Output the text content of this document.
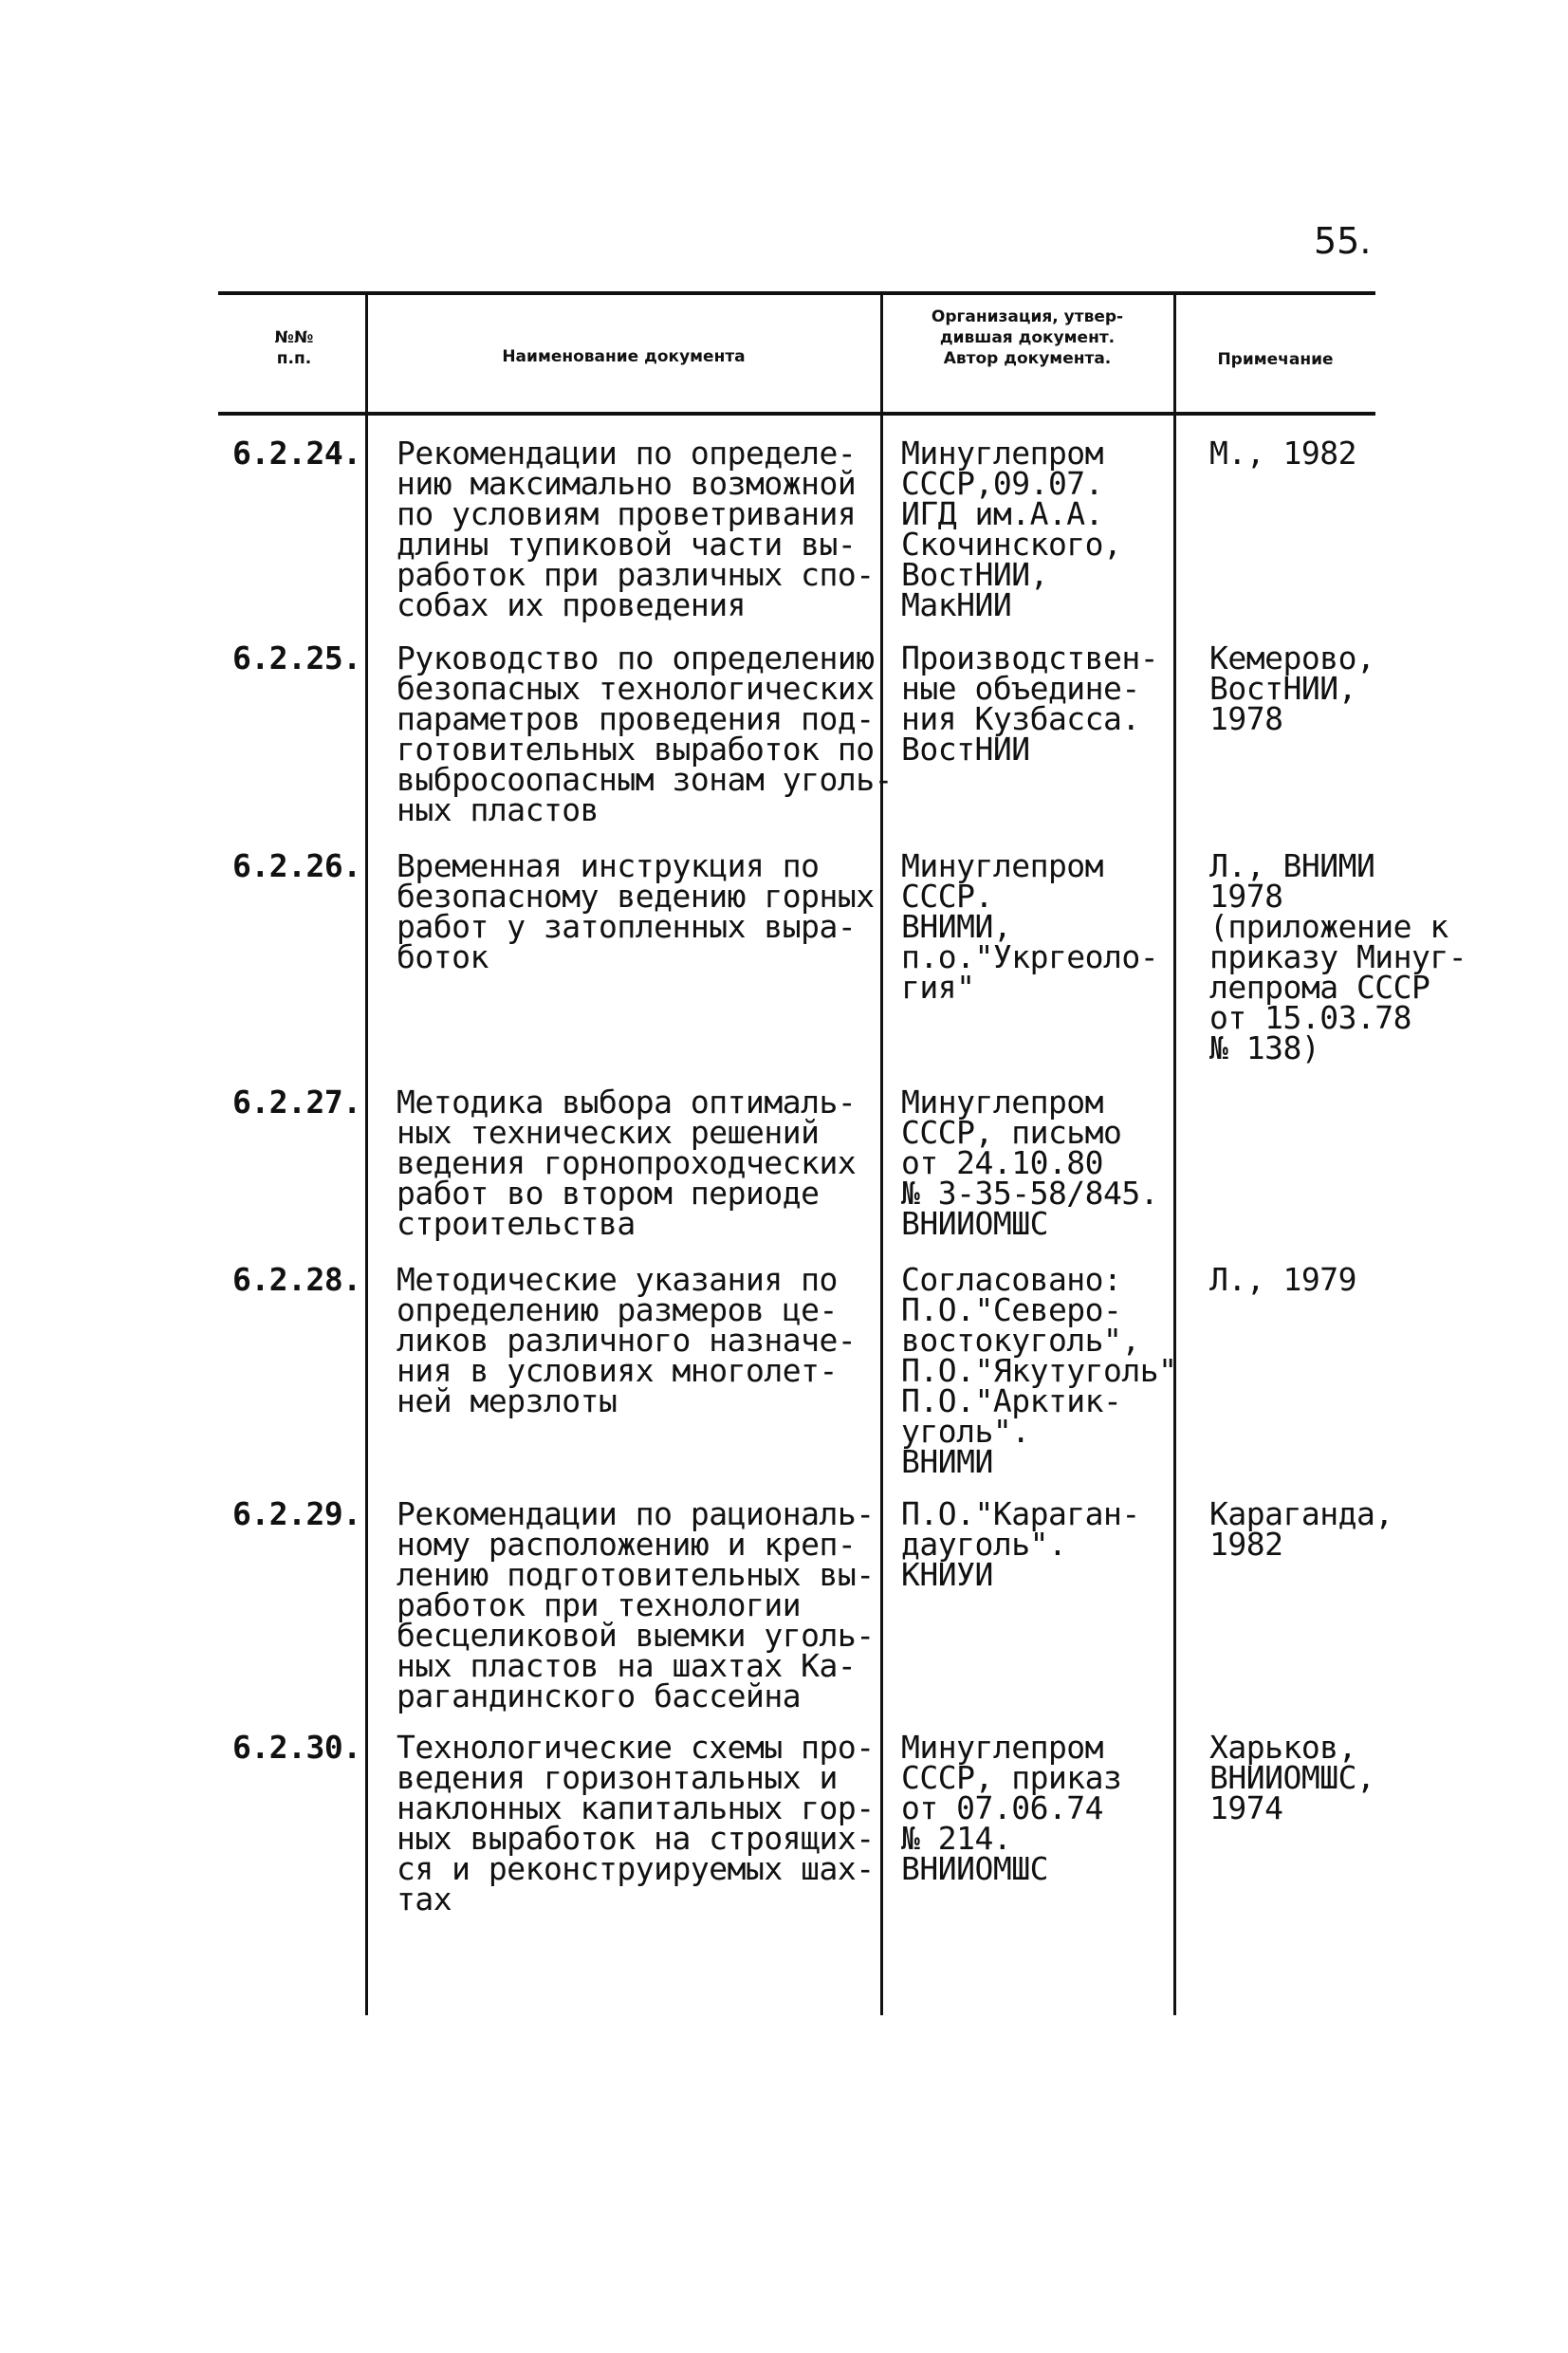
55.
№№
п.п.	Наименование документа
Организация, утвер-
дившая документ.
Автор документа.	Примечание
6.2.24. Рекомендации по определе-
нию максимально возможной
по условиям проветривания
длины тупиковой части вы-
работок при различных спо-
собах их проведения
Минуглепром
СССР,09.07.
ИГД им.А.А.
Скочинского,
ВостНИИ,
МакНИИ
М., 1982
6.2.25. Руководство по определению
безопасных технологических
параметров проведения под-
готовительных выработок по
выбросоопасным зонам уголь-
ных пластов
Производствен-
ные объедине-
ния Кузбасса.
ВостНИИ
Кемерово,
ВостНИИ,
1978
6.2.26. Временная инструкция по
безопасному ведению горных
работ у затопленных выра-
боток
Минуглепром
СССР.
ВНИМИ,
п.о."Укргеоло-
гия"
Л., ВНИМИ
1978
(приложение к
приказу Минуг-
лепрома СССР
от 15.03.78
№ 138)
6.2.27. Методика выбора оптималь-
ных технических решений
ведения горнопроходческих
работ во втором периоде
строительства
Минуглепром
СССР, письмо
от 24.10.80
№ 3-35-58/845.
ВНИИОМШС
6.2.28. Методические указания по
определению размеров це-
ликов различного назначе-
ния в условиях многолет-
ней мерзлоты
Согласовано:
П.О."Северо-
востокуголь",
П.О."Якутуголь"
П.О."Арктик-
уголь".
ВНИМИ
Л., 1979
6.2.29. Рекомендации по рациональ-
ному расположению и креп-
лению подготовительных вы-
работок при технологии
бесцеликовой выемки уголь-
ных пластов на шахтах Ка-
рагандинского бассейна
П.О."Караган-
дауголь".
КНИУИ
Караганда,
1982
6.2.30. Технологические схемы про-
ведения горизонтальных и
наклонных капитальных гор-
ных выработок на строящих-
ся и реконструируемых шах-
тах
Минуглепром
СССР, приказ
от 07.06.74
№ 214.
ВНИИОМШС
Харьков,
ВНИИОМШС,
1974
